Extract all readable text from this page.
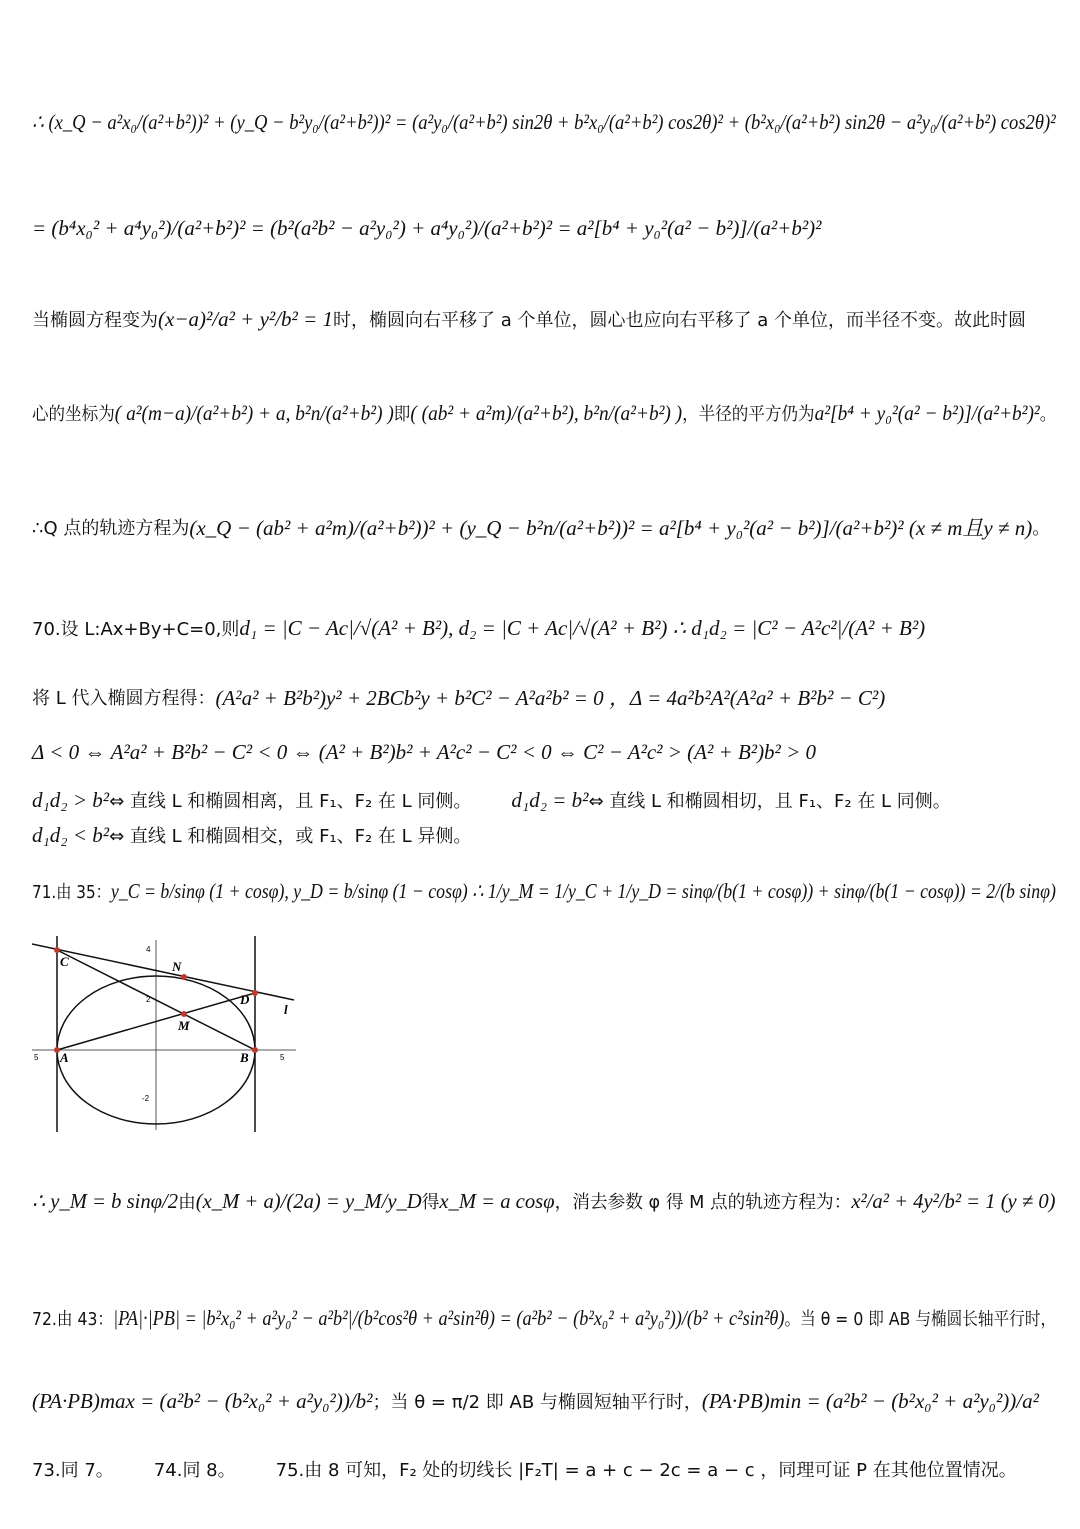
∴ (x_Q − a²x₀/(a²+b²))² + (y_Q − b²y₀/(a²+b²))² = (a²y₀/(a²+b²) sin2θ + b²x₀/(a²+b²) cos2θ)² + (b²x₀/(a²+b²) sin2θ − a²y₀/(a²+b²) cos2θ)²
= (b⁴x₀² + a⁴y₀²)/(a²+b²)² = (b²(a²b² − a²y₀²) + a⁴y₀²)/(a²+b²)² = a²[b⁴ + y₀²(a² − b²)]/(a²+b²)²
当椭圆方程变为 (x−a)²/a² + y²/b² = 1 时，椭圆向右平移了 a 个单位，圆心也应向右平移了 a 个单位，而半径不变。故此时圆
心的坐标为 ( a²(m−a)/(a²+b²) + a, b²n/(a²+b²) ) 即 ( (ab² + a²m)/(a²+b²), b²n/(a²+b²) ) ，半径的平方仍为 a²[b⁴ + y₀²(a² − b²)]/(a²+b²)² 。
∴Q 点的轨迹方程为 (x_Q − (ab² + a²m)/(a²+b²))² + (y_Q − b²n/(a²+b²))² = a²[b⁴ + y₀²(a² − b²)]/(a²+b²)² (x ≠ m且y ≠ n) 。
70.设 L:Ax+By+C=0,则 d₁ = |C − Ac|/√(A² + B²), d₂ = |C + Ac|/√(A² + B²) ∴ d₁d₂ = |C² − A²c²|/(A² + B²)
将 L 代入椭圆方程得： (A²a² + B²b²)y² + 2BCb²y + b²C² − A²a²b² = 0 ，Δ = 4a²b²A²(A²a² + B²b² − C²)
Δ < 0 ⇔ A²a² + B²b² − C² < 0 ⇔ (A² + B²)b² + A²c² − C² < 0 ⇔ C² − A²c² > (A² + B²)b² > 0
d₁d₂ > b² ⇔ 直线 L 和椭圆相离，且 F₁、F₂ 在 L 同侧。 d₁d₂ = b² ⇔ 直线 L 和椭圆相切，且 F₁、F₂ 在 L 同侧。
d₁d₂ < b² ⇔ 直线 L 和椭圆相交，或 F₁、F₂ 在 L 异侧。
71.由 35： y_C = b/sinφ (1 + cosφ), y_D = b/sinφ (1 − cosφ) ∴ 1/y_M = 1/y_C + 1/y_D = sinφ/(b(1 + cosφ)) + sinφ/(b(1 − cosφ)) = 2/(b sinφ)
C	N
D
l
M
A	B
4
2
-2
5	5
∴ y_M = b sinφ/2 由 (x_M + a)/(2a) = y_M/y_D 得 x_M = a cosφ ，消去参数 φ 得 M 点的轨迹方程为： x²/a² + 4y²/b² = 1 (y ≠ 0)
72.由 43： |PA|·|PB| = |b²x₀² + a²y₀² − a²b²|/(b²cos²θ + a²sin²θ) = (a²b² − (b²x₀² + a²y₀²))/(b² + c²sin²θ) 。当 θ = 0 即 AB 与椭圆长轴平行时，
(PA·PB)max = (a²b² − (b²x₀² + a²y₀²))/b² ；当 θ = π/2 即 AB 与椭圆短轴平行时， (PA·PB)min = (a²b² − (b²x₀² + a²y₀²))/a²
73.同 7。 74.同 8。 75.由 8 可知，F₂ 处的切线长 |F₂T| = a + c − 2c = a − c ，同理可证 P 在其他位置情况。
